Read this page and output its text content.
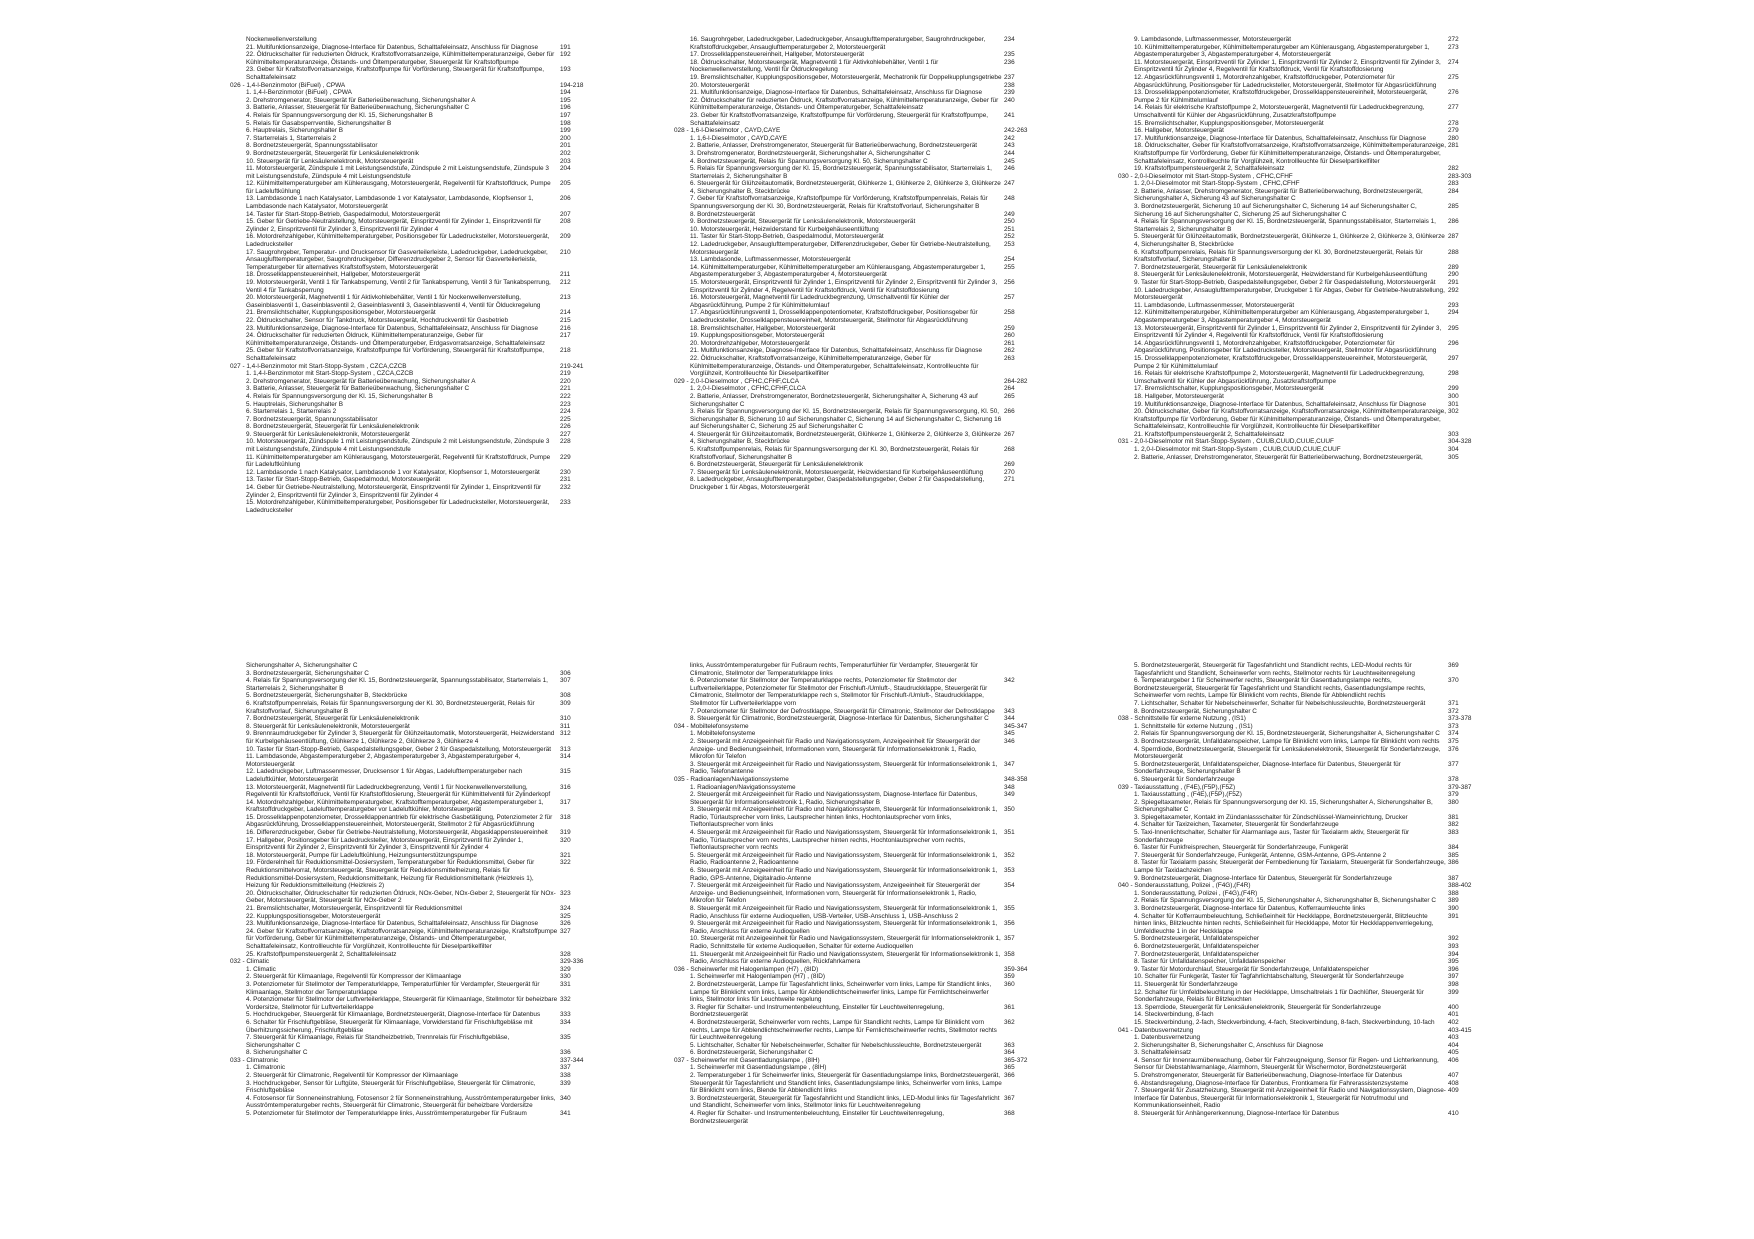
Nockenwellenverstellung
21. Multifunktionsanzeige, Diagnose-Interface für Datenbus, Schalttafeleinsatz, Anschluss für Diagnose	191
22. Öldruckschalter für reduzierten Öldruck, Kraftstoffvorratsanzeige, Kühlmitteltemperaturanzeige, Geber für Kühlmitteltemperaturanzeige, Ölstands- und Öltemperaturgeber, Steuergerät für Kraftstoffpumpe
192
23. Geber für Kraftstoffvorratsanzeige, Kraftstoffpumpe für Vorförderung, Steuergerät für Kraftstoffpumpe, Schalttafeleinsatz
193
026 - 1,4-l-Benzinmotor (BiFuel) , CPWA	194-218
1. 1,4-l-Benzinmotor (BiFuel) , CPWA	194
2. Drehstromgenerator, Steuergerät für Batterieüberwachung, Sicherungshalter A	195
3. Batterie, Anlasser, Steuergerät für Batterieüberwachung, Sicherungshalter C	196
4. Relais für Spannungsversorgung der Kl. 15, Sicherungshalter B	197
5. Relais für Gasabsperrventile, Sicherungshalter B	198
6. Hauptrelais, Sicherungshalter B	199
7. Starterrelais 1, Starterrelais 2	200
8. Bordnetzsteuergerät, Spannungsstabilisator	201
9. Bordnetzsteuergerät, Steuergerät für Lenksäulenelektronik	202
10. Steuergerät für Lenksäulenelektronik, Motorsteuergerät	203
11. Motorsteuergerät, Zündspule 1 mit Leistungsendstufe, Zündspule 2 mit Leistungsendstufe, Zündspule 3 mit Leistungsendstufe, Zündspule 4 mit Leistungsendstufe
204
12. Kühlmitteltemperaturgeber am Kühlerausgang, Motorsteuergerät, Regelventil für Kraftstoffdruck, Pumpe für Ladeluftkühlung
205
13. Lambdasonde 1 nach Katalysator, Lambdasonde 1 vor Katalysator, Lambdasonde, Klopfsensor 1, Lambdasonde nach Katalysator, Motorsteuergerät
206
14. Taster für Start-Stopp-Betrieb, Gaspedalmodul, Motorsteuergerät	207
15. Geber für Getriebe-Neutralstellung, Motorsteuergerät, Einspritzventil für Zylinder 1, Einspritzventil für Zylinder 2, Einspritzventil für Zylinder 3, Einspritzventil für Zylinder 4
208
16. Motordrehzahlgeber, Kühlmitteltemperaturgeber, Positionsgeber für Ladedrucksteller, Motorsteuergerät, Ladedrucksteller
209
17. Saugrohrgeber, Temperatur- und Drucksensor für Gasverteilerleiste, Ladedruckgeber, Ladedruckgeber, Ansauglufttemperaturgeber, Saugrohrdruckgeber, Differenzdruckgeber 2, Sensor für Gasverteilerleiste, Temperaturgeber für alternatives Kraftstoffsystem, Motorsteuergerät
210
18. Drosselklappensteuereinheit, Hallgeber, Motorsteuergerät	211
19. Motorsteuergerät, Ventil 1 für Tankabsperrung, Ventil 2 für Tankabsperrung, Ventil 3 für Tankabsperrung, Ventil 4 für Tankabsperrung
212
20. Motorsteuergerät, Magnetventil 1 für Aktivkohlebehälter, Ventil 1 für Nockenwellenverstellung, Gaseinblasventil 1, Gaseinblasventil 2, Gaseinblasventil 3, Gaseinblasventil 4, Ventil für Ölduckregelung
213
21. Bremslichtschalter, Kupplungspositionsgeber, Motorsteuergerät	214
22. Öldruckschalter, Sensor für Tankdruck, Motorsteuergerät, Hochdruckventil für Gasbetrieb	215
23. Multifunktionsanzeige, Diagnose-Interface für Datenbus, Schalttafeleinsatz, Anschluss für Diagnose	216
24. Öldruckschalter für reduzierten Öldruck, Kühlmitteltemperaturanzeige, Geber für Kühlmitteltemperaturanzeige, Ölstands- und Öltemperaturgeber, Erdgasvorratsanzeige, Schalttafeleinsatz
217
25. Geber für Kraftstoffvorratsanzeige, Kraftstoffpumpe für Vorförderung, Steuergerät für Kraftstoffpumpe, Schalttafeleinsatz
218
027 - 1,4-l-Benzinmotor mit Start-Stopp-System , CZCA,CZCB	219-241
1. 1,4-l-Benzinmotor mit Start-Stopp-System , CZCA,CZCB	219
2. Drehstromgenerator, Steuergerät für Batterieüberwachung, Sicherungshalter A	220
3. Batterie, Anlasser, Steuergerät für Batterieüberwachung, Sicherungshalter C	221
4. Relais für Spannungsversorgung der Kl. 15, Sicherungshalter B	222
5. Hauptrelais, Sicherungshalter B	223
6. Starterrelais 1, Starterrelais 2	224
7. Bordnetzsteuergerät, Spannungsstabilisator	225
8. Bordnetzsteuergerät, Steuergerät für Lenksäulenelektronik	226
9. Steuergerät für Lenksäulenelektronik, Motorsteuergerät	227
10. Motorsteuergerät, Zündspule 1 mit Leistungsendstufe, Zündspule 2 mit Leistungsendstufe, Zündspule 3 mit Leistungsendstufe, Zündspule 4 mit Leistungsendstufe
228
11. Kühlmitteltemperaturgeber am Kühlerausgang, Motorsteuergerät, Regelventil für Kraftstoffdruck, Pumpe für Ladeluftkühlung
229
12. Lambdasonde 1 nach Katalysator, Lambdasonde 1 vor Katalysator, Klopfsensor 1, Motorsteuergerät	230
13. Taster für Start-Stopp-Betrieb, Gaspedalmodul, Motorsteuergerät	231
14. Geber für Getriebe-Neutralstellung, Motorsteuergerät, Einspritzventil für Zylinder 1, Einspritzventil für Zylinder 2, Einspritzventil für Zylinder 3, Einspritzventil für Zylinder 4
232
15. Motordrehzahlgeber, Kühlmitteltemperaturgeber, Positionsgeber für Ladedrucksteller, Motorsteuergerät, Ladedrucksteller
233
16. Saugrohrgeber, Ladedruckgeber, Ladedruckgeber, Ansauglufttemperaturgeber, Saugrohrdruckgeber, Kraftstoffdruckgeber, Ansauglufttemperaturgeber 2, Motorsteuergerät
234
17. Drosselklappensteuereinheit, Hallgeber, Motorsteuergerät	235
18. Öldruckschalter, Motorsteuergerät, Magnetventil 1 für Aktivkohlebehälter, Ventil 1 für Nockenwellenverstellung, Ventil für Öldruckregelung
236
19. Bremslichtschalter, Kupplungspositionsgeber, Motorsteuergerät, Mechatronik für Doppelkupplungsgetriebe 237
20. Motorsteuergerät	238
21. Multifunktionsanzeige, Diagnose-Interface für Datenbus, Schalttafeleinsatz, Anschluss für Diagnose	239
22. Öldruckschalter für reduzierten Öldruck, Kraftstoffvorratsanzeige, Kühlmitteltemperaturanzeige, Geber für Kühlmitteltemperaturanzeige, Ölstands- und Öltemperaturgeber, Schalttafeleinsatz
240
23. Geber für Kraftstoffvorratsanzeige, Kraftstoffpumpe für Vorförderung, Steuergerät für Kraftstoffpumpe, Schalttafeleinsatz
241
028 - 1,6-l-Dieselmotor , CAYD,CAYE	242-263
1. 1,6-l-Dieselmotor , CAYD,CAYE	242
2. Batterie, Anlasser, Drehstromgenerator, Steuergerät für Batterieüberwachung, Bordnetzsteuergerät	243
3. Drehstromgenerator, Bordnetzsteuergerät, Sicherungshalter A, Sicherungshalter C	244
4. Bordnetzsteuergerät, Relais für Spannungsversorgung Kl. 50, Sicherungshalter C	245
5. Relais für Spannungsversorgung der Kl. 15, Bordnetzsteuergerät, Spannungsstabilisator, Starterrelais 1, Starterrelais 2, Sicherungshalter B
246
6. Steuergerät für Glühzeitautomatik, Bordnetzsteuergerät, Glühkerze 1, Glühkerze 2, Glühkerze 3, Glühkerze 4, Sicherungshalter B, Steckbrücke
247
7. Geber für Kraftstoffvorratsanzeige, Kraftstoffpumpe für Vorförderung, Kraftstoffpumpenrelais, Relais für Spannungsversorgung der Kl. 30, Bordnetzsteuergerät, Relais für Kraftstoffvorlauf, Sicherungshalter B
248
8. Bordnetzsteuergerät	249
9. Bordnetzsteuergerät, Steuergerät für Lenksäulenelektronik, Motorsteuergerät	250
10. Motorsteuergerät, Heizwiderstand für Kurbelgehäuseentlüftung	251
11. Taster für Start-Stopp-Betrieb, Gaspedalmodul, Motorsteuergerät	252
12. Ladedruckgeber, Ansauglufttemperaturgeber, Differenzdruckgeber, Geber für Getriebe-Neutralstellung, Motorsteuergerät
253
13. Lambdasonde, Luftmassenmesser, Motorsteuergerät	254
14. Kühlmitteltemperaturgeber, Kühlmitteltemperaturgeber am Kühlerausgang, Abgastemperaturgeber 1, Abgastemperaturgeber 3, Abgastemperaturgeber 4, Motorsteuergerät
255
15. Motorsteuergerät, Einspritzventil für Zylinder 1, Einspritzventil für Zylinder 2, Einspritzventil für Zylinder 3, Einspritzventil für Zylinder 4, Regelventil für Kraftstoffdruck, Ventil für Kraftstoffdosierung
256
16. Motorsteuergerät, Magnetventil für Ladedruckbegrenzung, Umschaltventil für Kühler der Abgasrückführung, Pumpe 2 für Kühlmittelumlauf
257
17. Abgasrückführungsventil 1, Drosselklappenpotentiometer, Kraftstoffdruckgeber, Positionsgeber für Ladedrucksteller, Drosselklappensteuereinheit, Motorsteuergerät, Stellmotor für Abgasrückführung
258
18. Bremslichtschalter, Hallgeber, Motorsteuergerät	259
19. Kupplungspositionsgeber, Motorsteuergerät	260
20. Motordrehzahlgeber, Motorsteuergerät	261
21. Multifunktionsanzeige, Diagnose-Interface für Datenbus, Schalttafeleinsatz, Anschluss für Diagnose	262
22. Öldruckschalter, Kraftstoffvorratsanzeige, Kühlmitteltemperaturanzeige, Geber für Kühlmitteltemperaturanzeige, Ölstands- und Öltemperaturgeber, Schalttafeleinsatz, Kontrollleuchte für Vorglühzeit, Kontrollleuchte für Dieselpartikelfilter
263
029 - 2,0-l-Dieselmotor , CFHC,CFHF,CLCA	264-282
1. 2,0-l-Dieselmotor , CFHC,CFHF,CLCA	264
2. Batterie, Anlasser, Drehstromgenerator, Bordnetzsteuergerät, Sicherungshalter A, Sicherung 43 auf Sicherungshalter C
265
3. Relais für Spannungsversorgung der Kl. 15, Bordnetzsteuergerät, Relais für Spannungsversorgung, Kl. 50, Sicherungshalter B, Sicherung 10 auf Sicherungshalter C, Sicherung 14 auf Sicherungshalter C, Sicherung 16 auf Sicherungshalter C, Sicherung 25 auf Sicherungshalter C
266
4. Steuergerät für Glühzeitautomatik, Bordnetzsteuergerät, Glühkerze 1, Glühkerze 2, Glühkerze 3, Glühkerze 4, Sicherungshalter B, Steckbrücke
267
5. Kraftstoffpumpenrelais, Relais für Spannungsversorgung der Kl. 30, Bordnetzsteuergerät, Relais für Kraftstoffvorlauf, Sicherungshalter B
268
6. Bordnetzsteuergerät, Steuergerät für Lenksäulenelektronik	269
7. Steuergerät für Lenksäulenelektronik, Motorsteuergerät, Heizwiderstand für Kurbelgehäuseentlüftung	270
8. Ladedruckgeber, Ansauglufttemperaturgeber, Gaspedalstellungsgeber, Geber 2 für Gaspedalstellung, Druckgeber 1 für Abgas, Motorsteuergerät
271
9. Lambdasonde, Luftmassenmesser, Motorsteuergerät	272
10. Kühlmitteltemperaturgeber, Kühlmitteltemperaturgeber am Kühlerausgang, Abgastemperaturgeber 1, Abgastemperaturgeber 3, Abgastemperaturgeber 4, Motorsteuergerät
273
11. Motorsteuergerät, Einspritzventil für Zylinder 1, Einspritzventil für Zylinder 2, Einspritzventil für Zylinder 3, Einspritzventil für Zylinder 4, Regelventil für Kraftstoffdruck, Ventil für Kraftstoffdosierung
274
12. Abgasrückführungsventil 1, Motordrehzahlgeber, Kraftstoffdruckgeber, Potenziometer für Abgasrückführung, Positionsgeber für Ladedrucksteller, Motorsteuergerät, Stellmotor für Abgasrückführung
275
13. Drosselklappenpotenziometer, Kraftstoffdruckgeber, Drosselklappensteuereinheit, Motorsteuergerät, Pumpe 2 für Kühlmittelumlauf
276
14. Relais für elektrische Kraftstoffpumpe 2, Motorsteuergerät, Magnetventil für Ladedruckbegrenzung, Umschaltventil für Kühler der Abgasrückführung, Zusatzkraftstoffpumpe
277
15. Bremslichtschalter, Kupplungspositionsgeber, Motorsteuergerät	278
16. Hallgeber, Motorsteuergerät	279
17. Multifunktionsanzeige, Diagnose-Interface für Datenbus, Schalttafeleinsatz, Anschluss für Diagnose	280
18. Öldruckschalter, Geber für Kraftstoffvorratsanzeige, Kraftstoffvorratsanzeige, Kühlmitteltemperaturanzeige, Kraftstoffpumpe für Vorförderung, Geber für Kühlmitteltemperaturanzeige, Ölstands- und Öltemperaturgeber, Schalttafeleinsatz, Kontrollleuchte für Vorglühzeit, Kontrollleuchte für Dieselpartikelfilter
281
19. Kraftstoffpumpensteuergerät 2, Schalttafeleinsatz	282
030 - 2,0-l-Dieselmotor mit Start-Stopp-System , CFHC,CFHF	283-303
1. 2,0-l-Dieselmotor mit Start-Stopp-System , CFHC,CFHF	283
2. Batterie, Anlasser, Drehstromgenerator, Steuergerät für Batterieüberwachung, Bordnetzsteuergerät, Sicherungshalter A, Sicherung 43 auf Sicherungshalter C
284
3. Bordnetzsteuergerät, Sicherung 10 auf Sicherungshalter C, Sicherung 14 auf Sicherungshalter C, Sicherung 16 auf Sicherungshalter C, Sicherung 25 auf Sicherungshalter C
285
4. Relais für Spannungsversorgung der Kl. 15, Bordnetzsteuergerät, Spannungsstabilisator, Starterrelais 1, Starterrelais 2, Sicherungshalter B
286
5. Steuergerät für Glühzeitautomatik, Bordnetzsteuergerät, Glühkerze 1, Glühkerze 2, Glühkerze 3, Glühkerze 4, Sicherungshalter B, Steckbrücke
287
6. Kraftstoffpumpenrelais, Relais für Spannungsversorgung der Kl. 30, Bordnetzsteuergerät, Relais für Kraftstoffvorlauf, Sicherungshalter B
288
7. Bordnetzsteuergerät, Steuergerät für Lenksäulenelektronik	289
8. Steuergerät für Lenksäulenelektronik, Motorsteuergerät, Heizwiderstand für Kurbelgehäuseentlüftung	290
9. Taster für Start-Stopp-Betrieb, Gaspedalstellungsgeber, Geber 2 für Gaspedalstellung, Motorsteuergerät	291
10. Ladedruckgeber, Ansauglufttemperaturgeber, Druckgeber 1 für Abgas, Geber für Getriebe-Neutralstellung, Motorsteuergerät
292
11. Lambdasonde, Luftmassenmesser, Motorsteuergerät	293
12. Kühlmitteltemperaturgeber, Kühlmitteltemperaturgeber am Kühlerausgang, Abgastemperaturgeber 1, Abgastemperaturgeber 3, Abgastemperaturgeber 4, Motorsteuergerät
294
13. Motorsteuergerät, Einspritzventil für Zylinder 1, Einspritzventil für Zylinder 2, Einspritzventil für Zylinder 3, Einspritzventil für Zylinder 4, Regelventil für Kraftstoffdruck, Ventil für Kraftstoffdosierung
295
14. Abgasrückführungsventil 1, Motordrehzahlgeber, Kraftstoffdruckgeber, Potenziometer für Abgasrückführung, Positionsgeber für Ladedrucksteller, Motorsteuergerät, Stellmotor für Abgasrückführung
296
15. Drosselklappenpotenziometer, Kraftstoffdruckgeber, Drosselklappensteuereinheit, Motorsteuergerät, Pumpe 2 für Kühlmittelumlauf
297
16. Relais für elektrische Kraftstoffpumpe 2, Motorsteuergerät, Magnetventil für Ladedruckbegrenzung, Umschaltventil für Kühler der Abgasrückführung, Zusatzkraftstoffpumpe
298
17. Bremslichtschalter, Kupplungspositionsgeber, Motorsteuergerät	299
18. Hallgeber, Motorsteuergerät	300
19. Multifunktionsanzeige, Diagnose-Interface für Datenbus, Schalttafeleinsatz, Anschluss für Diagnose	301
20. Öldruckschalter, Geber für Kraftstoffvorratsanzeige, Kraftstoffvorratsanzeige, Kühlmitteltemperaturanzeige, Kraftstoffpumpe für Vorförderung, Geber für Kühlmitteltemperaturanzeige, Ölstands- und Öltemperaturgeber, Schalttafeleinsatz, Kontrollleuchte für Vorglühzeit, Kontrollleuchte für Dieselpartikelfilter
302
21. Kraftstoffpumpensteuergerät 2, Schalttafeleinsatz	303
031 - 2,0-l-Dieselmotor mit Start-Stopp-System , CUUB,CUUD,CUUE,CUUF	304-328
1. 2,0-l-Dieselmotor mit Start-Stopp-System , CUUB,CUUD,CUUE,CUUF	304
2. Batterie, Anlasser, Drehstromgenerator, Steuergerät für Batterieüberwachung, Bordnetzsteuergerät,	305
Sicherungshalter A, Sicherungshalter C
3. Bordnetzsteuergerät, Sicherungshalter C	306
4. Relais für Spannungsversorgung der Kl. 15, Bordnetzsteuergerät, Spannungsstabilisator, Starterrelais 1, Starterrelais 2, Sicherungshalter B
307
5. Bordnetzsteuergerät, Sicherungshalter B, Steckbrücke	308
6. Kraftstoffpumpenrelais, Relais für Spannungsversorgung der Kl. 30, Bordnetzsteuergerät, Relais für Kraftstoffvorlauf, Sicherungshalter B
309
7. Bordnetzsteuergerät, Steuergerät für Lenksäulenelektronik	310
8. Steuergerät für Lenksäulenelektronik, Motorsteuergerät	311
9. Brennraumdruckgeber für Zylinder 3, Steuergerät für Glühzeitautomatik, Motorsteuergerät, Heizwiderstand für Kurbelgehäuseentlüftung, Glühkerze 1, Glühkerze 2, Glühkerze 3, Glühkerze 4
312
10. Taster für Start-Stopp-Betrieb, Gaspedalstellungsgeber, Geber 2 für Gaspedalstellung, Motorsteuergerät	313
11. Lambdasonde, Abgastemperaturgeber 2, Abgastemperaturgeber 3, Abgastemperaturgeber 4, Motorsteuergerät
314
12. Ladedruckgeber, Luftmassenmesser, Drucksensor 1 für Abgas, Ladelufttemperaturgeber nach Ladeluftkühler, Motorsteuergerät
315
13. Motorsteuergerät, Magnetventil für Ladedruckbegrenzung, Ventil 1 für Nockenwellenverstellung, Regelventil für Kraftstoffdruck, Ventil für Kraftstoffdosierung, Steuergerät für Kühlmittelventil für Zylinderkopf
316
14. Motordrehzahlgeber, Kühlmitteltemperaturgeber, Kraftstofftemperaturgeber, Abgastemperaturgeber 1, Kraftstoffdruckgeber, Ladelufttemperaturgeber vor Ladeluftkühler, Motorsteuergerät
317
15. Drosselklappenpotenziometer, Drosselklappenantrieb für elektrische Gasbetätigung, Potenziometer 2 für Abgasrückführung, Drosselklappensteuereinheit, Motorsteuergerät, Stellmotor 2 für Abgasrückführung
318
16. Differenzdruckgeber, Geber für Getriebe-Neutralstellung, Motorsteuergerät, Abgasklappensteuereinheit	319
17. Hallgeber, Positionsgeber für Ladedrucksteller, Motorsteuergerät, Einspritzventil für Zylinder 1, Einspritzventil für Zylinder 2, Einspritzventil für Zylinder 3, Einspritzventil für Zylinder 4
320
18. Motorsteuergerät, Pumpe für Ladeluftkühlung, Heizungsunterstützungspumpe	321
19. Förderelnheit für Reduktionsmittel-Dosiersystem, Temperaturgeber für Reduktionsmittel, Geber für Reduktionsmittelvorrat, Motorsteuergerät, Steuergerät für Reduktionsmittelheizung, Relais für Reduktionsmittel-Dosiersystem, Reduktionsmitteltank, Heizung für Reduktionsmitteltank (Heizkreis 1), Heizung für Reduktionsmittelleitung (Heizkreis 2)
322
20. Öldruckschalter, Öldruckschalter für reduzierten Öldruck, NOx-Geber, NOx-Geber 2, Steuergerät für NOx-Geber, Motorsteuergerät, Steuergerät für NOx-Geber 2
323
21. Bremslichtschalter, Motorsteuergerät, Einspritzventil für Reduktionsmittel	324
22. Kupplungspositionsgeber, Motorsteuergerät	325
23. Multifunktionsanzeige, Diagnose-Interface für Datenbus, Schalttafeleinsatz, Anschluss für Diagnose	326
24. Geber für Kraftstoffvorratsanzeige, Kraftstoffvorratsanzeige, Kühlmitteltemperaturanzeige, Kraftstoffpumpe für Vorförderung, Geber für Kühlmitteltemperaturanzeige, Ölstands- und Öltemperaturgeber, Schalttafeleinsatz, Kontrollleuchte für Vorglühzeit, Kontrollleuchte für Dieselpartikelfilter
327
25. Kraftstoffpumpensteuergerät 2, Schalttafeleinsatz	328
032 - Climatic	329-336
1. Climatic	329
2. Steuergerät für Klimaanlage, Regelventil für Kompressor der Klimaanlage	330
3. Potenziometer für Stellmotor der Temperaturklappe, Temperaturfühler für Verdampfer, Steuergerät für Klimaanlage, Stellmotor der Temperaturklappe
331
4. Potenziometer für Stellmotor der Luftverteilerklappe, Steuergerät für Klimaanlage, Stellmotor für beheizbare Vordersitze, Stellmotor für Luftverteilerklappe
332
5. Hochdruckgeber, Steuergerät für Klimaanlage, Bordnetzsteuergerät, Diagnose-Interface für Datenbus	333
6. Schalter für Frischluftgebläse, Steuergerät für Klimaanlage, Vorwiderstand für Frischluftgebläse mit Überhitzungssicherung, Frischluftgebläse
334
7. Steuergerät für Klimaanlage, Relais für Standheizbetrieb, Trennrelais für Frischluftgebläse, Sicherungshalter C
335
8. Sicherungshalter C	336
033 - Climatronic	337-344
1. Climatronic	337
2. Steuergerät für Climatronic, Regelventil für Kompressor der Klimaanlage	338
3. Hochdruckgeber, Sensor für Luftgüte, Steuergerät für Frischluftgebläse, Steuergerät für Climatronic, Frischluftgebläse
339
4. Fotosensor für Sonneneinstrahlung, Fotosensor 2 für Sonneneinstrahlung, Ausströmtemperaturgeber links, Ausströmtemperaturgeber rechts, Steuergerät für Climatronic, Steuergerät für beheizbare Vordersitze
340
5. Potenziometer für Stellmotor der Temperaturklappe links, Ausströmtemperaturgeber für Fußraum	341
links, Ausströmtemperaturgeber für Fußraum rechts, Temperaturfühler für Verdampfer, Steuergerät für Climatronic, Stellmotor der Temperaturklappe links
6. Potenziometer für Stellmotor der Temperaturklappe rechts, Potenziometer für Stellmotor der Luftverteilerklappe, Potenziometer für Stellmotor der Frischluft-/Umluft-, Staudruckklappe, Steuergerät für Climatronic, Stellmotor der Temperaturklappe rech s, Stellmotor für Frischluft-/Umluft-, Staudruckklappe, Stellmotor für Luftverteilerklappe vorn
342
7. Potenziometer für Stellmotor der Defrostklappe, Steuergerät für Climatronic, Stellmotor der Defrostklappe	343
8. Steuergerät für Climatronic, Bordnetzsteuergerät, Diagnose-Interface für Datenbus, Sicherungshalter C	344
034 - Mobiltelefonsysteme	345-347
1. Mobiltelefonsysteme	345
2. Steuergerät mit Anzeigeeinheit für Radio und Navigationssystem, Anzeigeeinheit für Steuergerät der Anzeige- und Bedienungseinheit, Informationen vorn, Steuergerät für Informationselektronik 1, Radio, Mikrofon für Telefon
346
3. Steuergerät mit Anzeigeeinheit für Radio und Navigationssystem, Steuergerät für Informationselektronik 1, Radio, Telefonantenne
347
035 - Radioanlagen/Navigationssysteme	348-358
1. Radioanlagen/Navigationssysteme	348
2. Steuergerät mit Anzeigeeinheit für Radio und Navigationssystem, Diagnose-Interface für Datenbus, Steuergerät für Informationselektronik 1, Radio, Sicherungshalter B
349
3. Steuergerät mit Anzeigeeinheit für Radio und Navigationssystem, Steuergerät für Informationselektronik 1, Radio, Türlautsprecher vorn links, Lautsprecher hinten links, Hochtonlautsprecher vorn links, Tieftonlautsprecher vorn links
350
4. Steuergerät mit Anzeigeeinheit für Radio und Navigationssystem, Steuergerät für Informationselektronik 1, Radio, Türlautsprecher vorn rechts, Lautsprecher hinten rechts, Hochtonlautsprecher vorn rechts, Tieftonlautsprecher vorn rechts
351
5. Steuergerät mit Anzeigeeinheit für Radio und Navigationssystem, Steuergerät für Informationselektronik 1, Radio, Radioantenne 2, Radioantenne
352
6. Steuergerät mit Anzeigeeinheit für Radio und Navigationssystem, Steuergerät für Informationselektronik 1, Radio, GPS-Antenne, Digitalradio-Antenne
353
7. Steuergerät mit Anzeigeeinheit für Radio und Navigationssystem, Anzeigeeinheit für Steuergerät der Anzeige- und Bedienungseinheit, Informationen vorn, Steuergerät für Informationselektronik 1, Radio, Mikrofon für Telefon
354
8. Steuergerät mit Anzeigeeinheit für Radio und Navigationssystem, Steuergerät für Informationselektronik 1, Radio, Anschluss für externe Audioquellen, USB-Verteiler, USB-Anschluss 1, USB-Anschluss 2
355
9. Steuergerät mit Anzeigeeinheit für Radio und Navigationssystem, Steuergerät für Informationselektronik 1, Radio, Anschluss für externe Audioquellen
356
10. Steuergerät mit Anzeigeeinheit für Radio und Navigationssystem, Steuergerät für Informationselektronik 1, Radio, Schnittstelle für externe Audioquellen, Schalter für externe Audioquellen
357
11. Steuergerät mit Anzeigeeinheit für Radio und Navigationssystem, Steuergerät für Informationselektronik 1, Radio, Anschluss für externe Audioquellen, Rückfahrkamera
358
036 - Scheinwerfer mit Halogenlampen (H7) , (8ID)	359-364
1. Scheinwerfer mit Halogenlampen (H7) , (8ID)	359
2. Bordnetzsteuergerät, Lampe für Tagesfahrlicht links, Scheinwerfer vorn links, Lampe für Standlicht links, Lampe für Blinklicht vorn links, Lampe für Abblendlichtscheinwerfer links, Lampe für Fernlichtscheinwerfer links, Stellmotor links für Leuchtweite regelung
360
3. Regler für Schalter- und Instrumentenbeleuchtung, Einsteller für Leuchtweitenregelung, Bordnetzsteuergerät
361
4. Bordnetzsteuergerät, Scheinwerfer vorn rechts, Lampe für Standlicht rechts, Lampe für Blinklicht vorn rechts, Lampe für Abblendlichtscheinwerfer rechts, Lampe für Fernlichtscheinwerfer rechts, Stellmotor rechts für Leuchtweitenregelung
362
5. Lichtschalter, Schalter für Nebelscheinwerfer, Schalter für Nebelschlussleuchte, Bordnetzsteuergerät	363
6. Bordnetzsteuergerät, Sicherungshalter C	364
037 - Scheinwerfer mit Gasentladungslampe , (8IH)	365-372
1. Scheinwerfer mit Gasentladungslampe , (8IH)	365
2. Temperaturgeber 1 für Scheinwerfer links, Steuergerät für Gasentladungslampe links, Bordnetzsteuergerät, Steuergerät für Tagesfahrlicht und Standlicht links, Gasentladungslampe links, Scheinwerfer vorn links, Lampe für Blinklicht vorn links, Blende für Abblendlicht links
366
3. Bordnetzsteuergerät, Steuergerät für Tagesfahrlicht und Standlicht links, LED-Modul links für Tagesfahrlicht und Standlicht, Scheinwerfer vorn links, Stellmotor links für Leuchtweitenregelung
367
4. Regler für Schalter- und Instrumentenbeleuchtung, Einsteller für Leuchtweitenregelung, Bordnetzsteuergerät
368
5. Bordnetzsteuergerät, Steuergerät für Tagesfahrlicht und Standlicht rechts, LED-Modul rechts für Tagesfahrlicht und Standlicht, Scheinwerfer vorn rechts, Stellmotor rechts für Leuchtweitenregelung
369
6. Temperaturgeber 1 für Scheinwerfer rechts, Steuergerät für Gasentladungslampe rechts, Bordnetzsteuergerät, Steuergerät für Tagesfahrlicht und Standlicht rechts, Gasentladungslampe rechts, Scheinwerfer vorn rechts, Lampe für Blinklicht vorn rechts, Blende für Abblendlicht rechts
370
7. Lichtschalter, Schalter für Nebelscheinwerfer, Schalter für Nebelschlussleuchte, Bordnetzsteuergerät	371
8. Bordnetzsteuergerät, Sicherungshalter C	372
038 - Schnittstelle für externe Nutzung , (IS1)	373-378
1. Schnittstelle für externe Nutzung , (IS1)	373
2. Relais für Spannungsversorgung der Kl. 15, Bordnetzsteuergerät, Sicherungshalter A, Sicherungshalter C	374
3. Bordnetzsteuergerät, Unfalldatenspeicher, Lampe für Blinklicht vorn links, Lampe für Blinklicht vorn rechts	375
4. Sperrdiode, Bordnetzsteuergerät, Steuergerät für Lenksäulenelektronik, Steuergerät für Sonderfahrzeuge, Motorsteuergerät
376
5. Bordnetzsteuergerät, Unfalldatenspeicher, Diagnose-Interface für Datenbus, Steuergerät für Sonderfahrzeuge, Sicherungshalter B
377
6. Steuergerät für Sonderfahrzeuge	378
039 - Taxiausstattung , (F4E),(F5P),(F5Z)	379-387
1. Taxiausstattung , (F4E),(F5P),(F5Z)	379
2. Spiegeltaxameter, Relais für Spannungsversorgung der Kl. 15, Sicherungshalter A, Sicherungshalter B, Sicherungshalter C
380
3. Spiegeltaxameter, Kontakt im Zündanlassschalter für Zündschlüssel-Warneinrichtung, Drucker	381
4. Schalter für Taxizeichen, Taxameter, Steuergerät für Sonderfahrzeuge	382
5. Taxi-Innenlichtschalter, Schalter für Alarmanlage aus, Taster für Taxialarm aktiv, Steuergerät für Sonderfahrzeuge
383
6. Taster für Funkfreisprechen, Steuergerät für Sonderfahrzeuge, Funkgerät	384
7. Steuergerät für Sonderfahrzeuge, Funkgerät, Antenne, GSM-Antenne, GPS-Antenne 2	385
8. Taster für Taxialarm passiv, Steuergerät der Fernbedienung für Taxialarm, Steuergerät für Sonderfahrzeuge, Lampe für Taxidachzeichen
386
9. Bordnetzsteuergerät, Diagnose-Interface für Datenbus, Steuergerät für Sonderfahrzeuge	387
040 - Sonderausstattung, Polizei , (F4G),(F4R)	388-402
1. Sonderausstattung, Polizei , (F4G),(F4R)	388
2. Relais für Spannungsversorgung der Kl. 15, Sicherungshalter A, Sicherungshalter B, Sicherungshalter C	389
3. Bordnetzsteuergerät, Diagnose-Interface für Datenbus, Kofferraumleuchte links	390
4. Schalter für Kofferraumbeleuchtung, Schließeinheit für Heckklappe, Bordnetzsteuergerät, Blitzleuchte hinten links, Blitzleuchte hinten rechts, Schließeinheit für Heckklappe, Motor für Heckklappenverriegelung, Umfeldleuchte 1 in der Heckklappe
391
5. Bordnetzsteuergerät, Unfalldatenspeicher	392
6. Bordnetzsteuergerät, Unfalldatenspeicher	393
7. Bordnetzsteuergerät, Unfalldatenspeicher	394
8. Taster für Unfalldatenspeicher, Unfalldatenspeicher	395
9. Taster für Motordurchlauf, Steuergerät für Sonderfahrzeuge, Unfalldatenspeicher	396
10. Schalter für Funkgerät, Taster für Tagfahrlichtabschaltung, Steuergerät für Sonderfahrzeuge	397
11. Steuergerät für Sonderfahrzeuge	398
12. Schalter für Umfeldbeleuchtung in der Heckklappe, Umschaltrelais 1 für Dachlüfter, Steuergerät für Sonderfahrzeuge, Relais für Blitzleuchten
399
13. Sperrdiode, Steuergerät für Lenksäulenelektronik, Steuergerät für Sonderfahrzeuge	400
14. Steckverbindung, 8-fach	401
15. Steckverbindung, 2-fach, Steckverbindung, 4-fach, Steckverbindung, 8-fach, Steckverbindung, 10-fach	402
041 - Datenbusvernetzung	403-415
1. Datenbusvernetzung	403
2. Sicherungshalter B, Sicherungshalter C, Anschluss für Diagnose	404
3. Schalttafeleinsatz	405
4. Sensor für Innenraumüberwachung, Geber für Fahrzeugneigung, Sensor für Regen- und Lichterkennung, Sensor für Diebstahlwarnanlage, Alarmhorn, Steuergerät für Wischermotor, Bordnetzsteuergerät
406
5. Drehstromgenerator, Steuergerät für Batterieüberwachung, Diagnose-Interface für Datenbus	407
6. Abstandsregelung, Diagnose-Interface für Datenbus, Frontkamera für Fahrerassistenzsysteme	408
7. Steuergerät für Zusatzheizung, Steuergerät mit Anzeigeeinheit für Radio und Navigationssystem, Diagnose-Interface für Datenbus, Steuergerät für Informationselektronik 1, Steuergerät für Notrufmodul und Kommunikationseinheit, Radio
409
8. Steuergerät für Anhängererkennung, Diagnose-Interface für Datenbus	410
